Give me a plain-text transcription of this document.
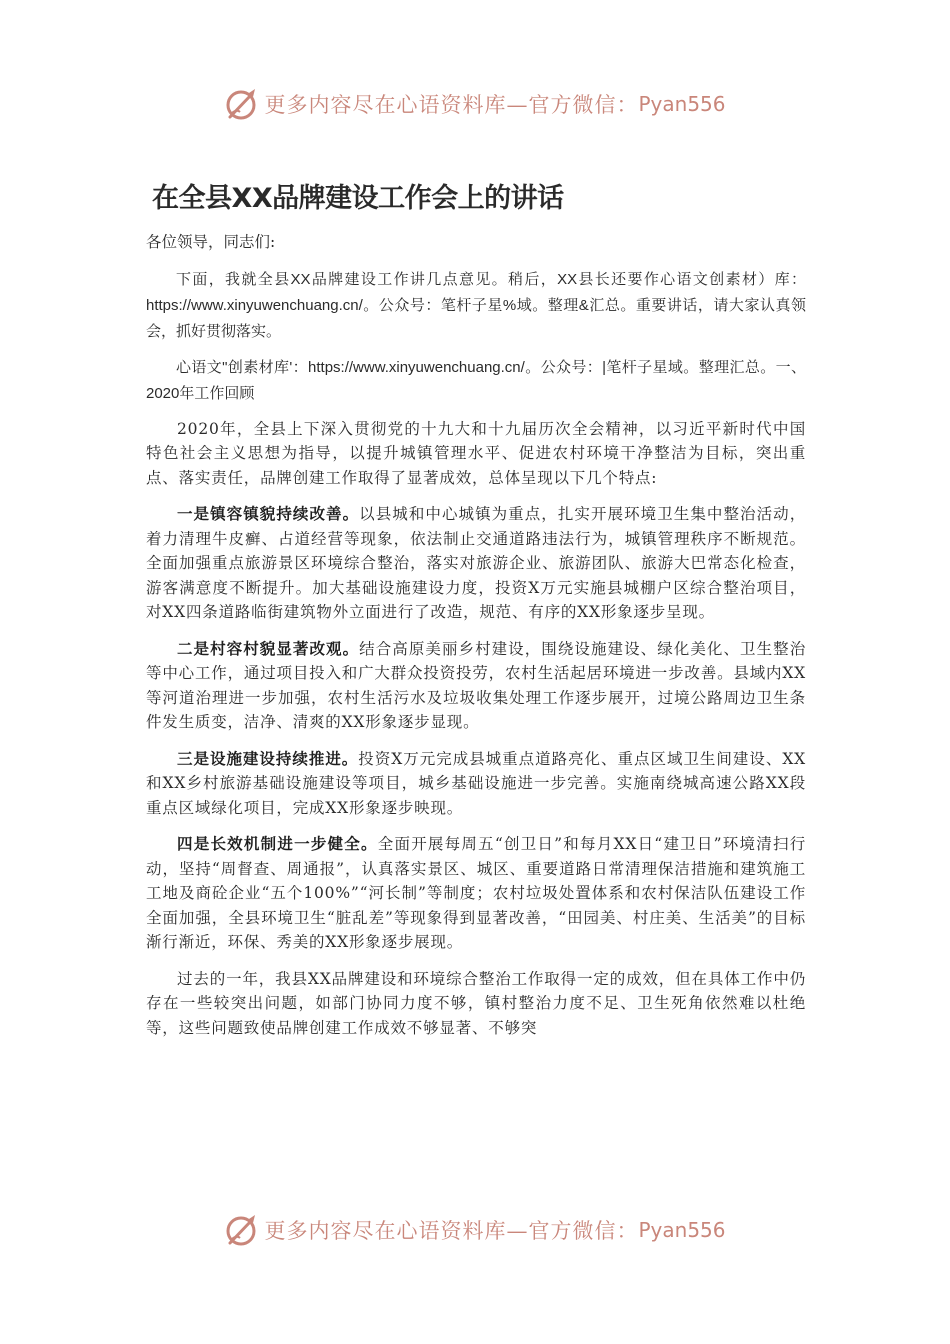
更多内容尽在心语资料库—官方微信： Pyan556
在全县XX品牌建设工作会上的讲话

各位领导，同志们:

下面，我就全县XX品牌建设工作讲几点意见。稍后，XX县长还要作心语文创素材）库：https://www.xinyuwenchuang.cn/。公众号：笔杆子星%域。整理&汇总。重要讲话，请大家认真领会，抓好贯彻落实。

心语文"创素材库'：https://www.xinyuwenchuang.cn/。公众号：|笔杆子星域。整理汇总。一、2020年工作回顾

2020年，全县上下深入贯彻党的十九大和十九届历次全会精神，以习近平新时代中国特色社会主义思想为指导，以提升城镇管理水平、促进农村环境干净整洁为目标，突出重点、落实责任，品牌创建工作取得了显著成效，总体呈现以下几个特点:

一是镇容镇貌持续改善。以县城和中心城镇为重点，扎实开展环境卫生集中整治活动，着力清理牛皮癣、占道经营等现象，依法制止交通道路违法行为，城镇管理秩序不断规范。全面加强重点旅游景区环境综合整治，落实对旅游企业、旅游团队、旅游大巴常态化检查，游客满意度不断提升。加大基础设施建设力度，投资X万元实施县城棚户区综合整治项目，对XX四条道路临街建筑物外立面进行了改造，规范、有序的XX形象逐步呈现。

二是村容村貌显著改观。结合高原美丽乡村建设，围绕设施建设、绿化美化、卫生整治等中心工作，通过项目投入和广大群众投资投劳，农村生活起居环境进一步改善。县域内XX等河道治理进一步加强，农村生活污水及垃圾收集处理工作逐步展开，过境公路周边卫生条件发生质变，洁净、清爽的XX形象逐步显现。

三是设施建设持续推进。投资X万元完成县城重点道路亮化、重点区域卫生间建设、XX和XX乡村旅游基础设施建设等项目，城乡基础设施进一步完善。实施南绕城高速公路XX段重点区域绿化项目，完成XX形象逐步映现。

四是长效机制进一步健全。全面开展每周五“创卫日”和每月XX日“建卫日”环境清扫行动，坚持“周督查、周通报”，认真落实景区、城区、重要道路日常清理保洁措施和建筑施工工地及商砼企业“五个100%”“河长制”等制度；农村垃圾处置体系和农村保洁队伍建设工作全面加强，全县环境卫生“脏乱差”等现象得到显著改善，“田园美、村庄美、生活美”的目标渐行渐近，环保、秀美的XX形象逐步展现。

过去的一年，我县XX品牌建设和环境综合整治工作取得一定的成效，但在具体工作中仍存在一些较突出问题，如部门协同力度不够，镇村整治力度不足、卫生死角依然难以杜绝等，这些问题致使品牌创建工作成效不够显著、不够突

更多内容尽在心语资料库—官方微信： Pyan556
